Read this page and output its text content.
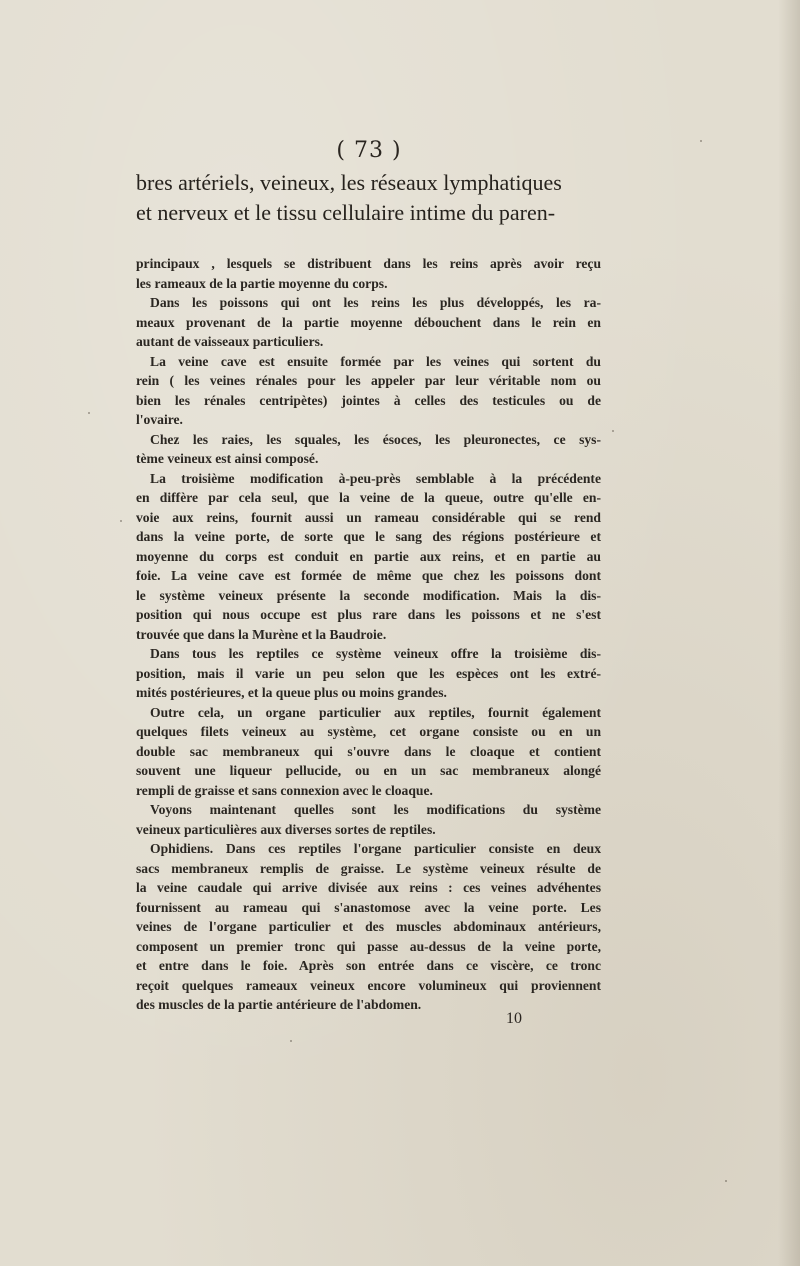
( 73 )
bres artériels, veineux, les réseaux lymphatiques
et nerveux et le tissu cellulaire intime du paren-

principaux , lesquels se distribuent dans les reins après avoir reçu

les rameaux de la partie moyenne du corps.

Dans les poissons qui ont les reins les plus développés, les ra-

meaux provenant de la partie moyenne débouchent dans le rein en

autant de vaisseaux particuliers.

La veine cave est ensuite formée par les veines qui sortent du

rein ( les veines rénales pour les appeler par leur véritable nom ou

bien les rénales centripètes) jointes à celles des testicules ou de

l'ovaire.

Chez les raies, les squales, les ésoces, les pleuronectes, ce sys-

tème veineux est ainsi composé.

La troisième modification à-peu-près semblable à la précédente

en diffère par cela seul, que la veine de la queue, outre qu'elle en-

voie aux reins, fournit aussi un rameau considérable qui se rend

dans la veine porte, de sorte que le sang des régions postérieure et

moyenne du corps est conduit en partie aux reins, et en partie au

foie. La veine cave est formée de même que chez les poissons dont

le système veineux présente la seconde modification. Mais la dis-

position qui nous occupe est plus rare dans les poissons et ne s'est

trouvée que dans la Murène et la Baudroie.

Dans tous les reptiles ce système veineux offre la troisième dis-

position, mais il varie un peu selon que les espèces ont les extré-

mités postérieures, et la queue plus ou moins grandes.

Outre cela, un organe particulier aux reptiles, fournit également

quelques filets veineux au système, cet organe consiste ou en un

double sac membraneux qui s'ouvre dans le cloaque et contient

souvent une liqueur pellucide, ou en un sac membraneux alongé

rempli de graisse et sans connexion avec le cloaque.

Voyons maintenant quelles sont les modifications du système

veineux particulières aux diverses sortes de reptiles.

Ophidiens. Dans ces reptiles l'organe particulier consiste en deux

sacs membraneux remplis de graisse. Le système veineux résulte de

la veine caudale qui arrive divisée aux reins : ces veines advéhentes

fournissent au rameau qui s'anastomose avec la veine porte. Les

veines de l'organe particulier et des muscles abdominaux antérieurs,

composent un premier tronc qui passe au-dessus de la veine porte,

et entre dans le foie. Après son entrée dans ce viscère, ce tronc

reçoit quelques rameaux veineux encore volumineux qui proviennent

des muscles de la partie antérieure de l'abdomen.

10
